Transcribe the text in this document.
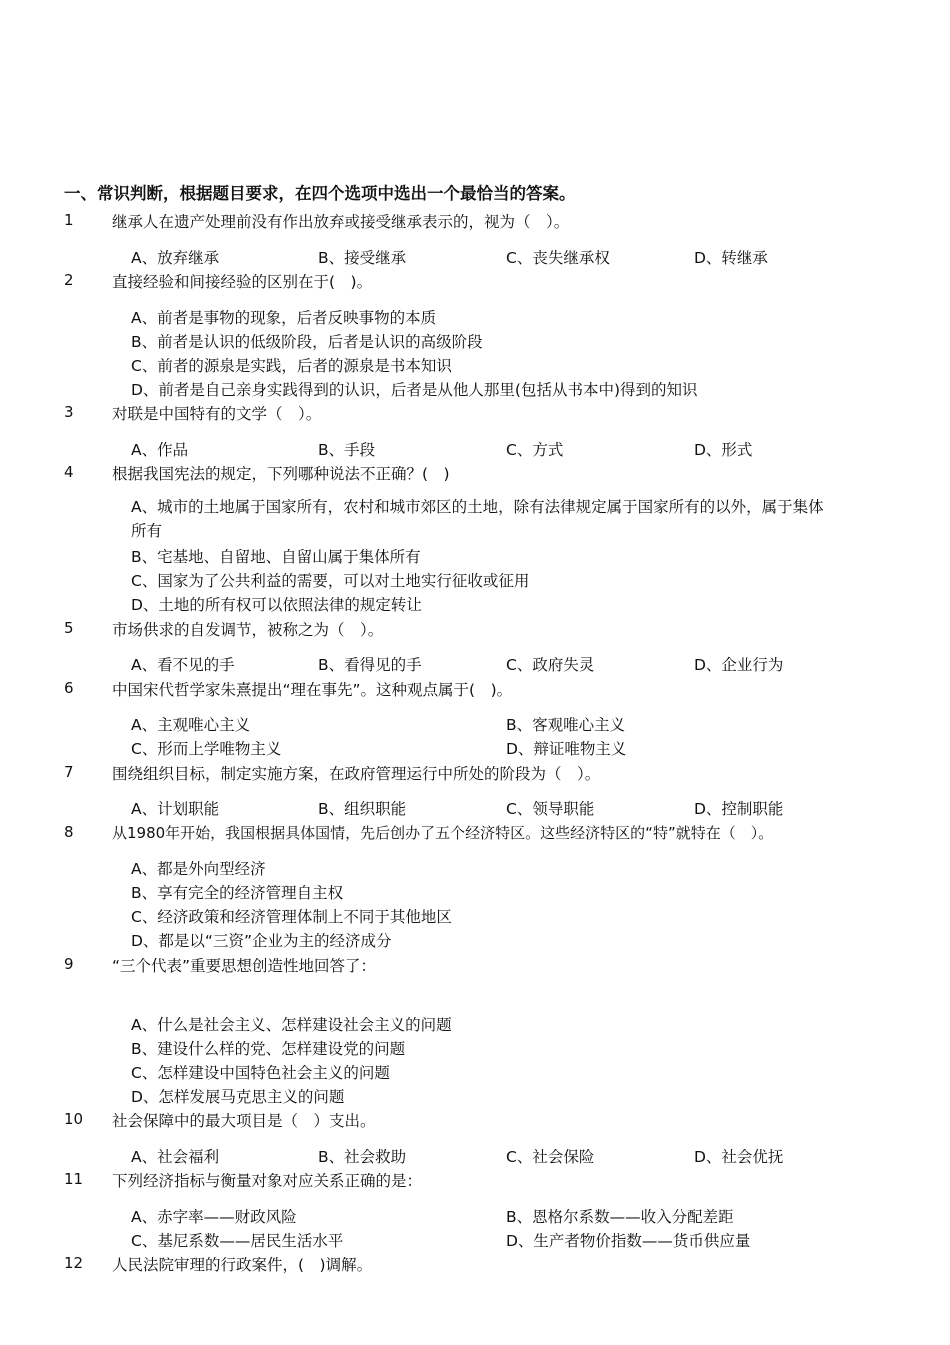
一、常识判断，根据题目要求，在四个选项中选出一个最恰当的答案。
1 继承人在遗产处理前没有作出放弃或接受继承表示的，视为（　）。
A、放弃继承	B、接受继承	C、丧失继承权	D、转继承
2 直接经验和间接经验的区别在于(　)。
A、前者是事物的现象，后者反映事物的本质
B、前者是认识的低级阶段，后者是认识的高级阶段
C、前者的源泉是实践，后者的源泉是书本知识
D、前者是自己亲身实践得到的认识，后者是从他人那里(包括从书本中)得到的知识
3 对联是中国特有的文学（　）。
A、作品	B、手段	C、方式	D、形式
4 根据我国宪法的规定，下列哪种说法不正确？(　)
A、城市的土地属于国家所有，农村和城市郊区的土地，除有法律规定属于国家所有的以外，属于集体所有
B、宅基地、自留地、自留山属于集体所有
C、国家为了公共利益的需要，可以对土地实行征收或征用
D、土地的所有权可以依照法律的规定转让
5 市场供求的自发调节，被称之为（　）。
A、看不见的手	B、看得见的手	C、政府失灵	D、企业行为
6 中国宋代哲学家朱熹提出“理在事先”。这种观点属于(　)。
A、主观唯心主义	B、客观唯心主义
C、形而上学唯物主义	D、辩证唯物主义
7 围绕组织目标，制定实施方案，在政府管理运行中所处的阶段为（　）。
A、计划职能	B、组织职能	C、领导职能	D、控制职能
8	从1980年开始，我国根据具体国情，先后创办了五个经济特区。这些经济特区的“特”就特在（　）。
A、都是外向型经济
B、享有完全的经济管理自主权
C、经济政策和经济管理体制上不同于其他地区
D、都是以“三资”企业为主的经济成分
9 “三个代表”重要思想创造性地回答了：
A、什么是社会主义、怎样建设社会主义的问题
B、建设什么样的党、怎样建设党的问题
C、怎样建设中国特色社会主义的问题
D、怎样发展马克思主义的问题
10 社会保障中的最大项目是（　）支出。
A、社会福利	B、社会救助	C、社会保险	D、社会优抚
11 下列经济指标与衡量对象对应关系正确的是：
A、赤字率——财政风险	B、恩格尔系数——收入分配差距
C、基尼系数——居民生活水平	D、生产者物价指数——货币供应量
12 人民法院审理的行政案件，(　)调解。
